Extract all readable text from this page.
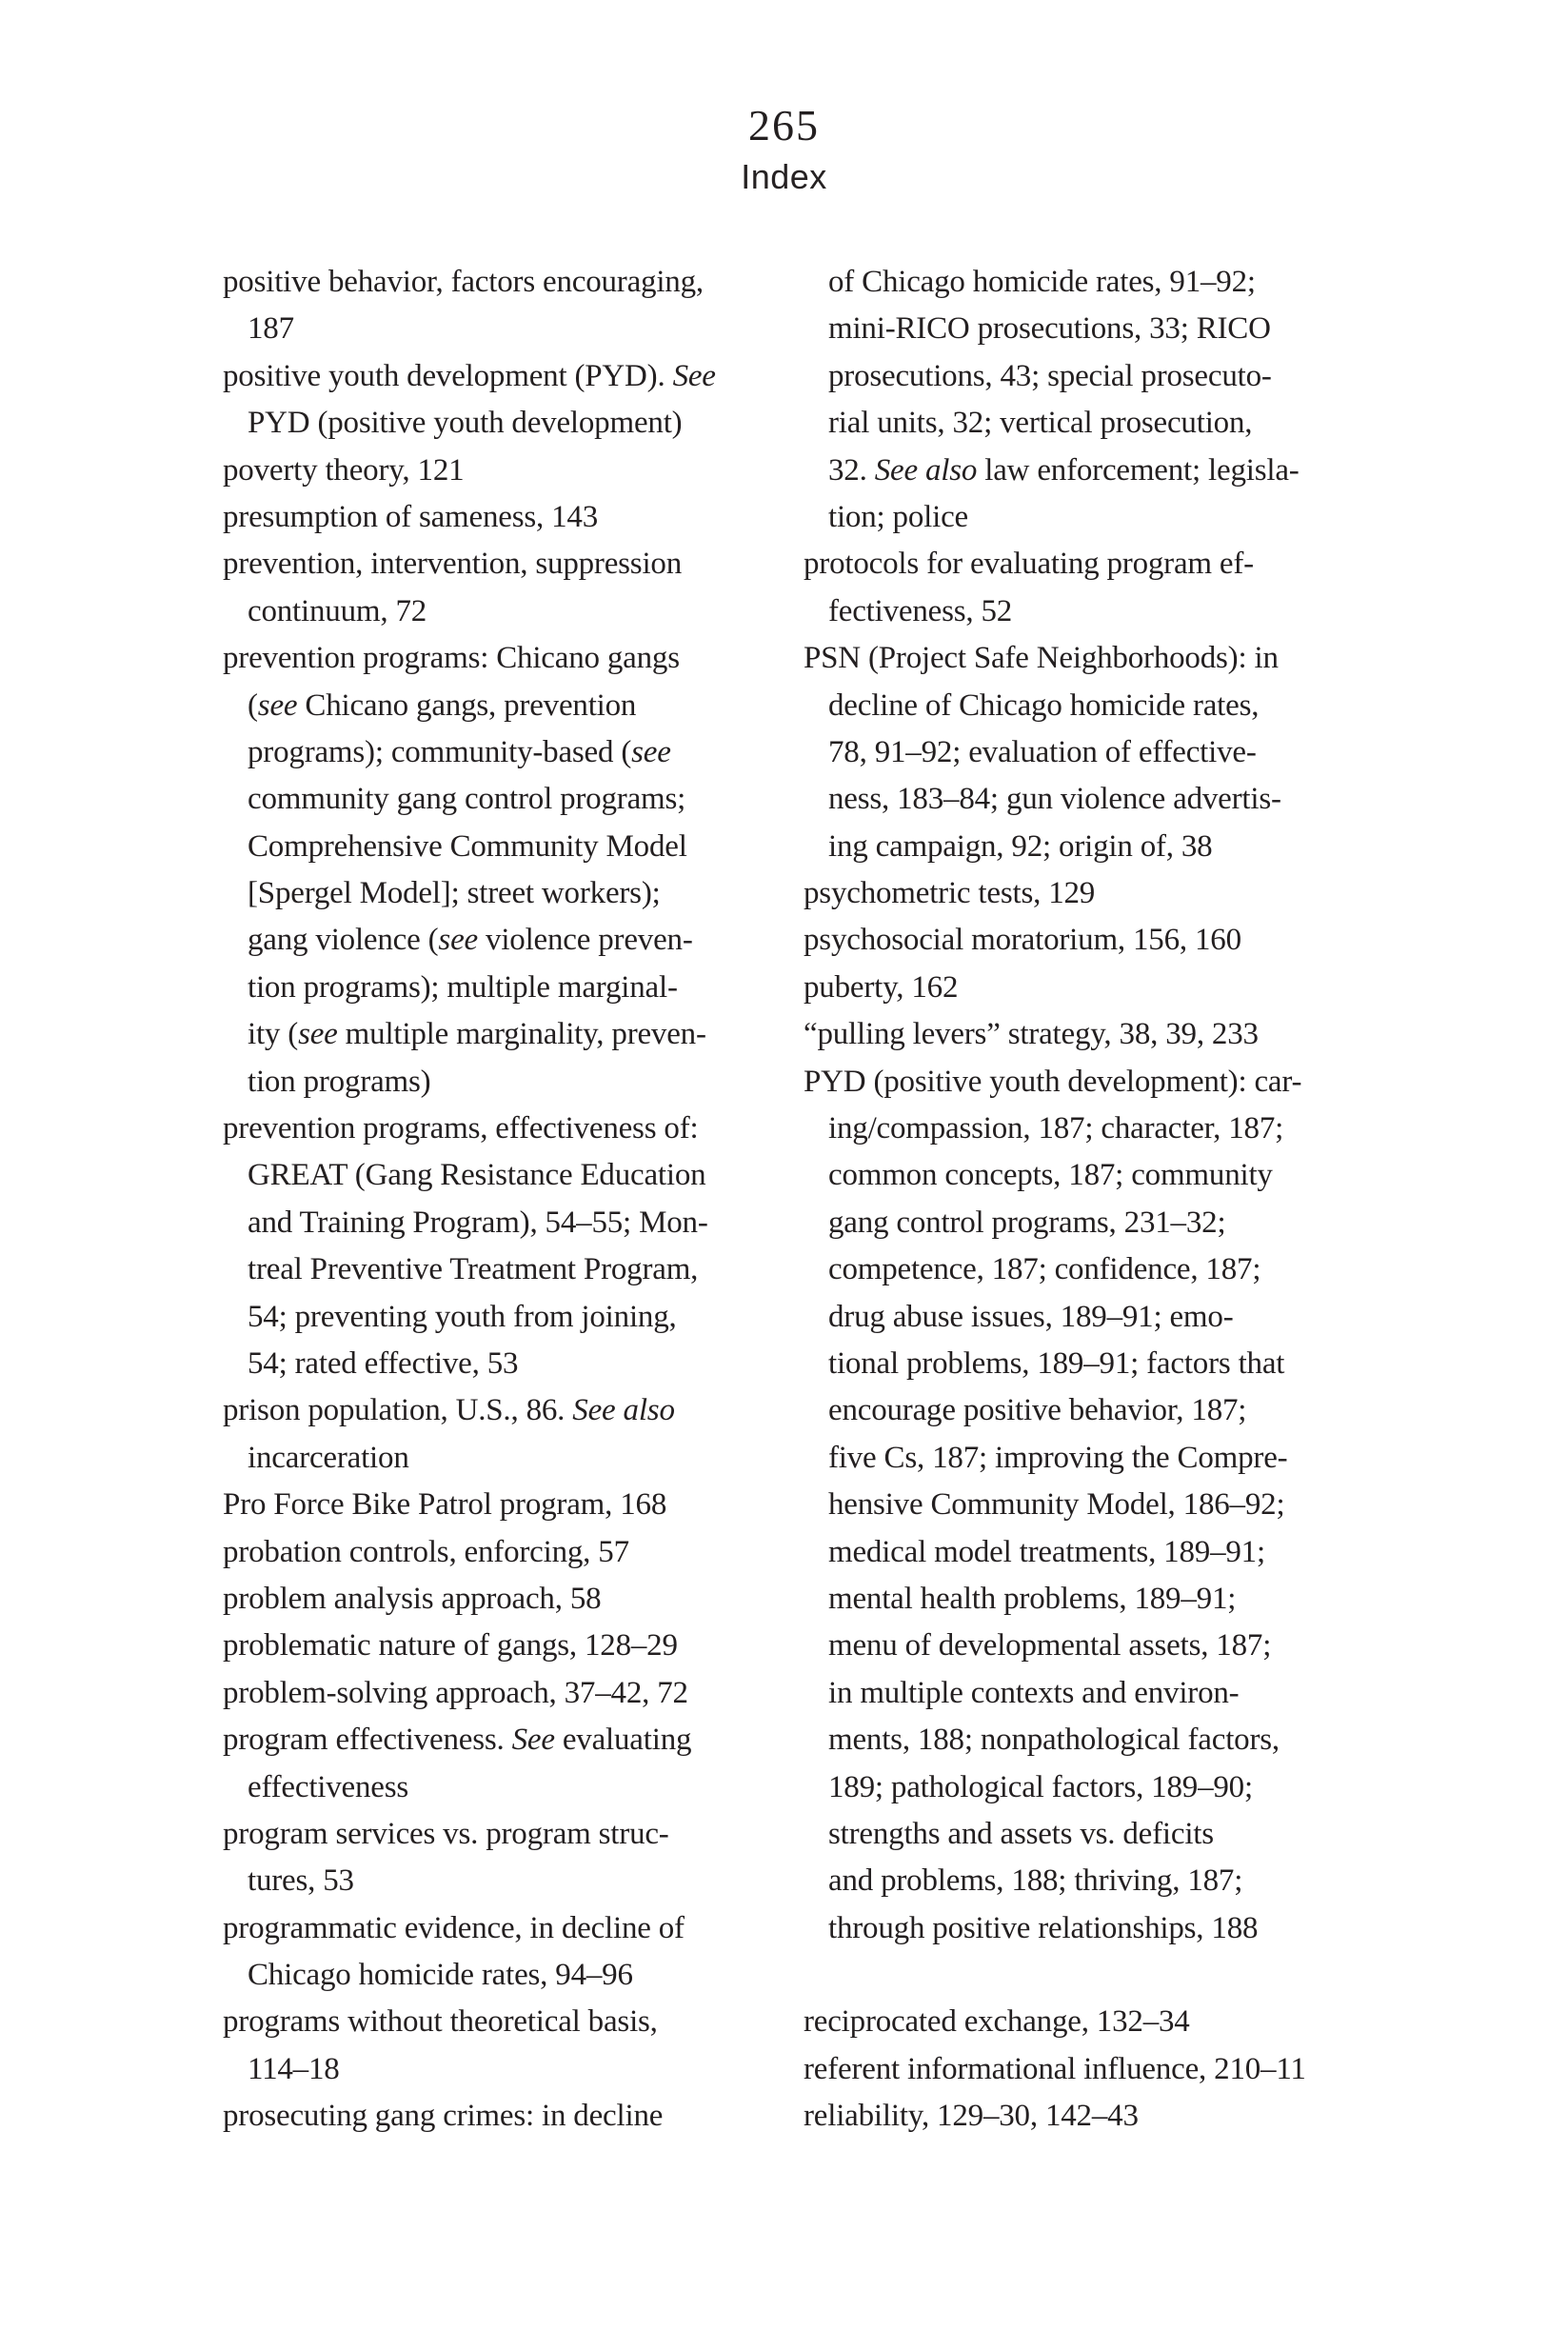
265
Index
positive behavior, factors encouraging,
187
positive youth development (PYD). See
PYD (positive youth development)
poverty theory, 121
presumption of sameness, 143
prevention, intervention, suppression
continuum, 72
prevention programs: Chicano gangs
(see Chicano gangs, prevention
programs); community-based (see
community gang control programs;
Comprehensive Community Model
[Spergel Model]; street workers);
gang violence (see violence preven-
tion programs); multiple marginal-
ity (see multiple marginality, preven-
tion programs)
prevention programs, effectiveness of:
GREAT (Gang Resistance Education
and Training Program), 54–55; Mon-
treal Preventive Treatment Program,
54; preventing youth from joining,
54; rated effective, 53
prison population, U.S., 86. See also
incarceration
Pro Force Bike Patrol program, 168
probation controls, enforcing, 57
problem analysis approach, 58
problematic nature of gangs, 128–29
problem-solving approach, 37–42, 72
program effectiveness. See evaluating
effectiveness
program services vs. program struc-
tures, 53
programmatic evidence, in decline of
Chicago homicide rates, 94–96
programs without theoretical basis,
114–18
prosecuting gang crimes: in decline
of Chicago homicide rates, 91–92;
mini-RICO prosecutions, 33; RICO
prosecutions, 43; special prosecuto-
rial units, 32; vertical prosecution,
32. See also law enforcement; legisla-
tion; police
protocols for evaluating program ef-
fectiveness, 52
PSN (Project Safe Neighborhoods): in
decline of Chicago homicide rates,
78, 91–92; evaluation of effective-
ness, 183–84; gun violence advertis-
ing campaign, 92; origin of, 38
psychometric tests, 129
psychosocial moratorium, 156, 160
puberty, 162
“pulling levers” strategy, 38, 39, 233
PYD (positive youth development): car-
ing/compassion, 187; character, 187;
common concepts, 187; community
gang control programs, 231–32;
competence, 187; confidence, 187;
drug abuse issues, 189–91; emo-
tional problems, 189–91; factors that
encourage positive behavior, 187;
five Cs, 187; improving the Compre-
hensive Community Model, 186–92;
medical model treatments, 189–91;
mental health problems, 189–91;
menu of developmental assets, 187;
in multiple contexts and environ-
ments, 188; nonpathological factors,
189; pathological factors, 189–90;
strengths and assets vs. deficits
and problems, 188; thriving, 187;
through positive relationships, 188

reciprocated exchange, 132–34
referent informational influence, 210–11
reliability, 129–30, 142–43
